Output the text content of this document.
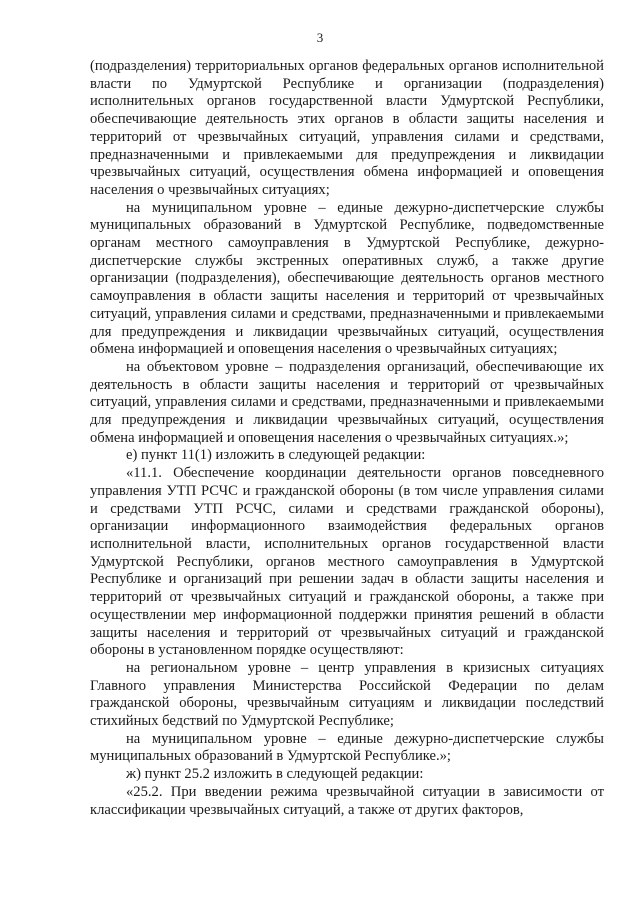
3

(подразделения) территориальных органов федеральных органов исполнительной власти по Удмуртской Республике и организации (подразделения) исполнительных органов государственной власти Удмуртской Республики, обеспечивающие деятельность этих органов в области защиты населения и территорий от чрезвычайных ситуаций, управления силами и средствами, предназначенными и привлекаемыми для предупреждения и ликвидации чрезвычайных ситуаций, осуществления обмена информацией и оповещения населения о чрезвычайных ситуациях;

на муниципальном уровне – единые дежурно-диспетчерские службы муниципальных образований в Удмуртской Республике, подведомственные органам местного самоуправления в Удмуртской Республике, дежурно-диспетчерские службы экстренных оперативных служб, а также другие организации (подразделения), обеспечивающие деятельность органов местного самоуправления в области защиты населения и территорий от чрезвычайных ситуаций, управления силами и средствами, предназначенными и привлекаемыми для предупреждения и ликвидации чрезвычайных ситуаций, осуществления обмена информацией и оповещения населения о чрезвычайных ситуациях;

на объектовом уровне – подразделения организаций, обеспечивающие их деятельность в области защиты населения и территорий от чрезвычайных ситуаций, управления силами и средствами, предназначенными и привлекаемыми для предупреждения и ликвидации чрезвычайных ситуаций, осуществления обмена информацией и оповещения населения о чрезвычайных ситуациях.»;

е) пункт 11(1) изложить в следующей редакции:

«11.1. Обеспечение координации деятельности органов повседневного управления УТП РСЧС и гражданской обороны (в том числе управления силами и средствами УТП РСЧС, силами и средствами гражданской обороны), организации информационного взаимодействия федеральных органов исполнительной власти, исполнительных органов государственной власти Удмуртской Республики, органов местного самоуправления в Удмуртской Республике и организаций при решении задач в области защиты населения и территорий от чрезвычайных ситуаций и гражданской обороны, а также при осуществлении мер информационной поддержки принятия решений в области защиты населения и территорий от чрезвычайных ситуаций и гражданской обороны в установленном порядке осуществляют:

на региональном уровне – центр управления в кризисных ситуациях Главного управления Министерства Российской Федерации по делам гражданской обороны, чрезвычайным ситуациям и ликвидации последствий стихийных бедствий по Удмуртской Республике;

на муниципальном уровне – единые дежурно-диспетчерские службы муниципальных образований в Удмуртской Республике.»;

ж) пункт 25.2 изложить в следующей редакции:

«25.2. При введении режима чрезвычайной ситуации в зависимости от классификации чрезвычайных ситуаций, а также от других факторов,
